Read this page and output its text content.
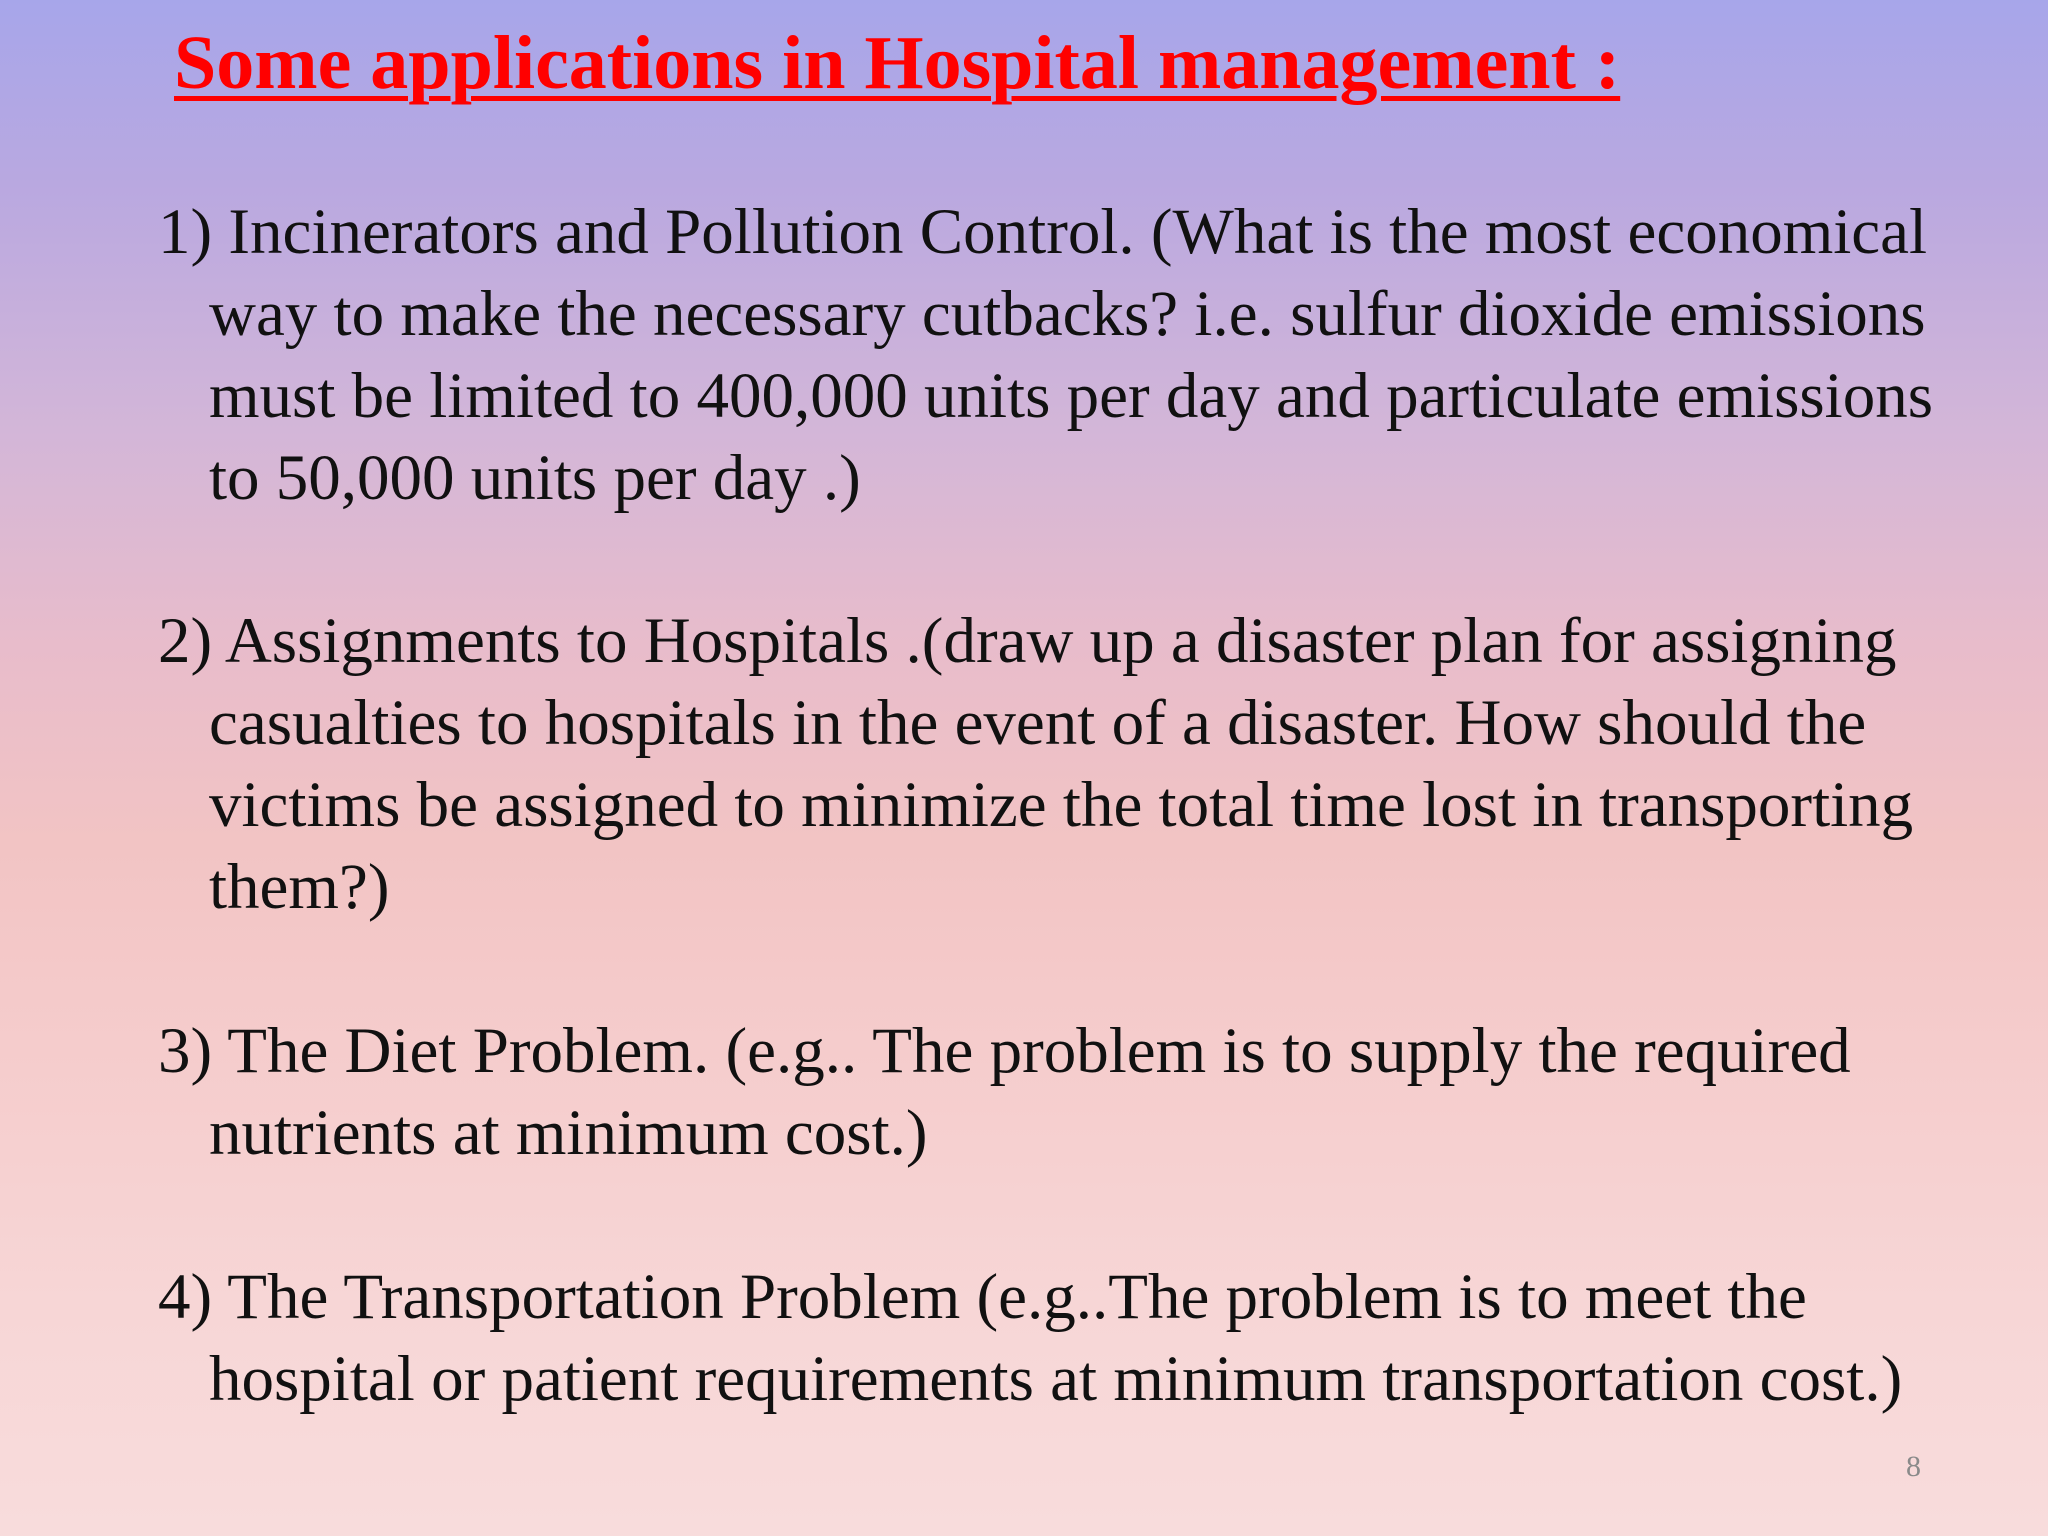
Some applications in Hospital management :
1) Incinerators and Pollution Control. (What is the most economical way to make the necessary cutbacks? i.e. sulfur dioxide emissions must be limited to 400,000 units per day and particulate emissions to 50,000 units per day .)
2) Assignments to Hospitals .(draw up a disaster plan for assigning casualties to hospitals in the event of a disaster. How should the victims be assigned to minimize the total time lost in transporting them?)
3) The Diet Problem. (e.g.. The problem is to supply the required nutrients at minimum cost.)
4) The Transportation Problem (e.g..The problem is to meet the hospital or patient requirements at minimum transportation cost.)
8
